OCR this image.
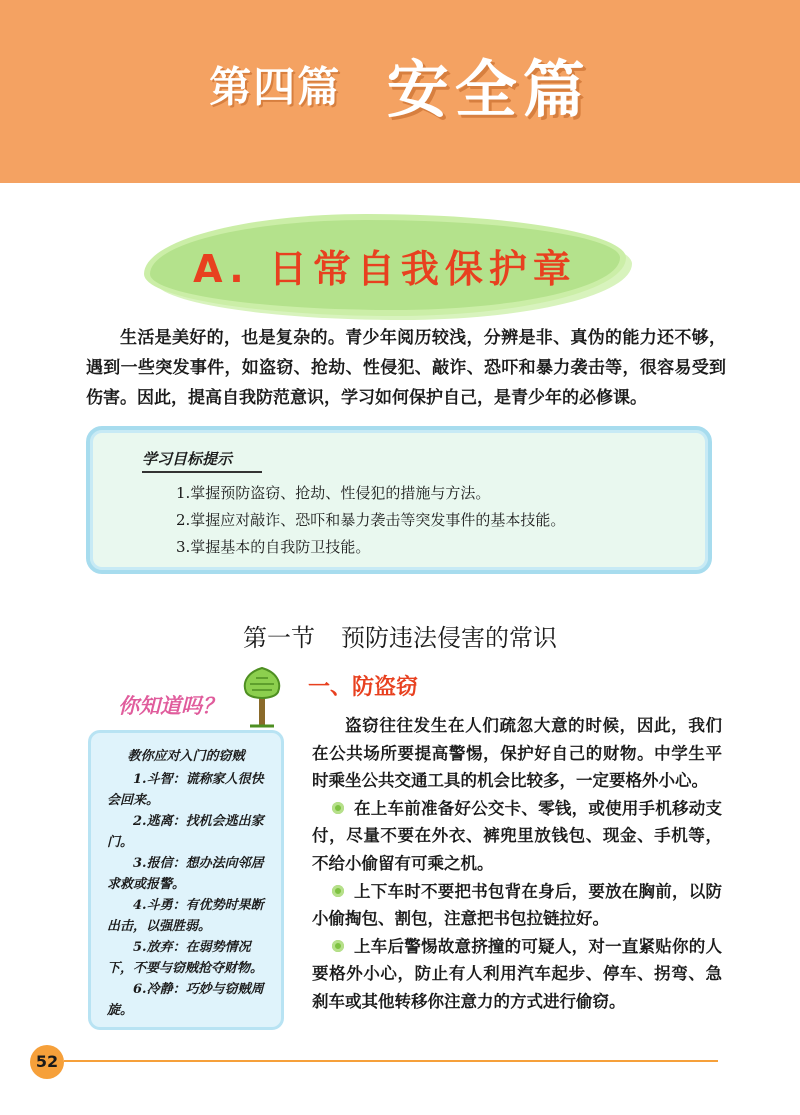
第四篇 安全篇
A. 日常自我保护章
生活是美好的，也是复杂的。青少年阅历较浅，分辨是非、真伪的能力还不够，遇到一些突发事件，如盗窃、抢劫、性侵犯、敲诈、恐吓和暴力袭击等，很容易受到伤害。因此，提高自我防范意识，学习如何保护自己，是青少年的必修课。
学习目标提示
1.掌握预防盗窃、抢劫、性侵犯的措施与方法。
2.掌握应对敲诈、恐吓和暴力袭击等突发事件的基本技能。
3.掌握基本的自我防卫技能。
第一节 预防违法侵害的常识
一、防盗窃
你知道吗？
教你应对入门的窃贼
1.斗智：谎称家人很快会回来。
2.逃离：找机会逃出家门。
3.报信：想办法向邻居求救或报警。
4.斗勇：有优势时果断出击，以强胜弱。
5.放弃：在弱势情况下，不要与窃贼抢夺财物。
6.冷静：巧妙与窃贼周旋。

盗窃往往发生在人们疏忽大意的时候，因此，我们在公共场所要提高警惕，保护好自己的财物。中学生平时乘坐公共交通工具的机会比较多，一定要格外小心。

在上车前准备好公交卡、零钱，或使用手机移动支付，尽量不要在外衣、裤兜里放钱包、现金、手机等，不给小偷留有可乘之机。

上下车时不要把书包背在身后，要放在胸前，以防小偷掏包、割包，注意把书包拉链拉好。

上车后警惕故意挤撞的可疑人，对一直紧贴你的人要格外小心，防止有人利用汽车起步、停车、拐弯、急刹车或其他转移你注意力的方式进行偷窃。

52
